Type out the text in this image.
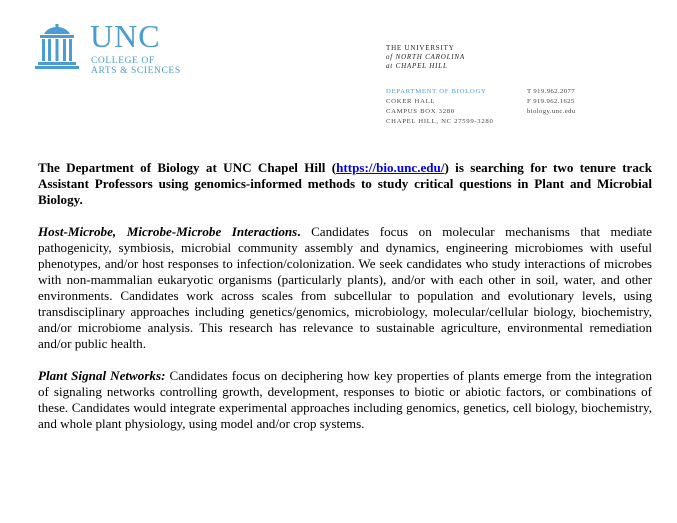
UNC
COLLEGE OF
ARTS & SCIENCES
THE UNIVERSITY
of NORTH CAROLINA
at CHAPEL HILL
DEPARTMENT OF BIOLOGY
COKER HALL
CAMPUS BOX 3280
CHAPEL HILL, NC 27599-3280
T 919.962.2077
F 919.962.1625
biology.unc.edu

The Department of Biology at UNC Chapel Hill (https://bio.unc.edu/) is searching for two tenure track Assistant Professors using genomics-informed methods to study critical questions in Plant and Microbial Biology.

Host-Microbe, Microbe-Microbe Interactions. Candidates focus on molecular mechanisms that mediate pathogenicity, symbiosis, microbial community assembly and dynamics, engineering microbiomes with useful phenotypes, and/or host responses to infection/colonization. We seek candidates who study interactions of microbes with non-mammalian eukaryotic organisms (particularly plants), and/or with each other in soil, water, and other environments. Candidates work across scales from subcellular to population and evolutionary levels, using transdisciplinary approaches including genetics/genomics, microbiology, molecular/cellular biology, biochemistry, and/or microbiome analysis. This research has relevance to sustainable agriculture, environmental remediation and/or public health.

Plant Signal Networks: Candidates focus on deciphering how key properties of plants emerge from the integration of signaling networks controlling growth, development, responses to biotic or abiotic factors, or combinations of these. Candidates would integrate experimental approaches including genomics, genetics, cell biology, biochemistry, and whole plant physiology, using model and/or crop systems.
